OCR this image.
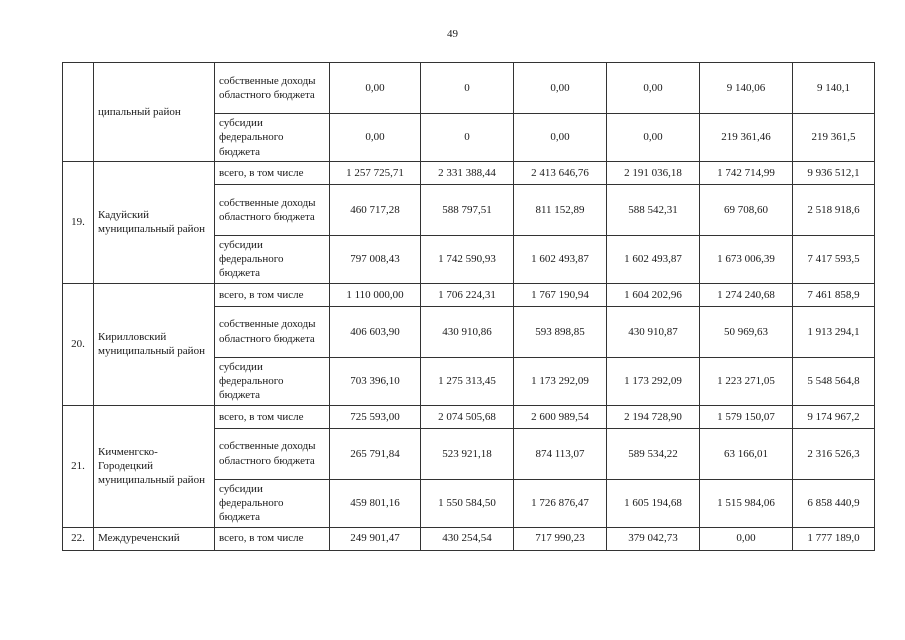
49
	ципальный район	собственные доходы областного бюджета	0,00	0	0,00	0,00	9 140,06	9 140,1
		субсидии федерального бюджета	0,00	0	0,00	0,00	219 361,46	219 361,5
19.	Кадуйский муниципальный район	всего, в том числе	1 257 725,71	2 331 388,44	2 413 646,76	2 191 036,18	1 742 714,99	9 936 512,1
		собственные доходы областного бюджета	460 717,28	588 797,51	811 152,89	588 542,31	69 708,60	2 518 918,6
		субсидии федерального бюджета	797 008,43	1 742 590,93	1 602 493,87	1 602 493,87	1 673 006,39	7 417 593,5
20.	Кирилловский муниципальный район	всего, в том числе	1 110 000,00	1 706 224,31	1 767 190,94	1 604 202,96	1 274 240,68	7 461 858,9
		собственные доходы областного бюджета	406 603,90	430 910,86	593 898,85	430 910,87	50 969,63	1 913 294,1
		субсидии федерального бюджета	703 396,10	1 275 313,45	1 173 292,09	1 173 292,09	1 223 271,05	5 548 564,8
21.	Кичменгско-Городецкий муниципальный район	всего, в том числе	725 593,00	2 074 505,68	2 600 989,54	2 194 728,90	1 579 150,07	9 174 967,2
		собственные доходы областного бюджета	265 791,84	523 921,18	874 113,07	589 534,22	63 166,01	2 316 526,3
		субсидии федерального бюджета	459 801,16	1 550 584,50	1 726 876,47	1 605 194,68	1 515 984,06	6 858 440,9
22.	Междуреченский	всего, в том числе	249 901,47	430 254,54	717 990,23	379 042,73	0,00	1 777 189,0
